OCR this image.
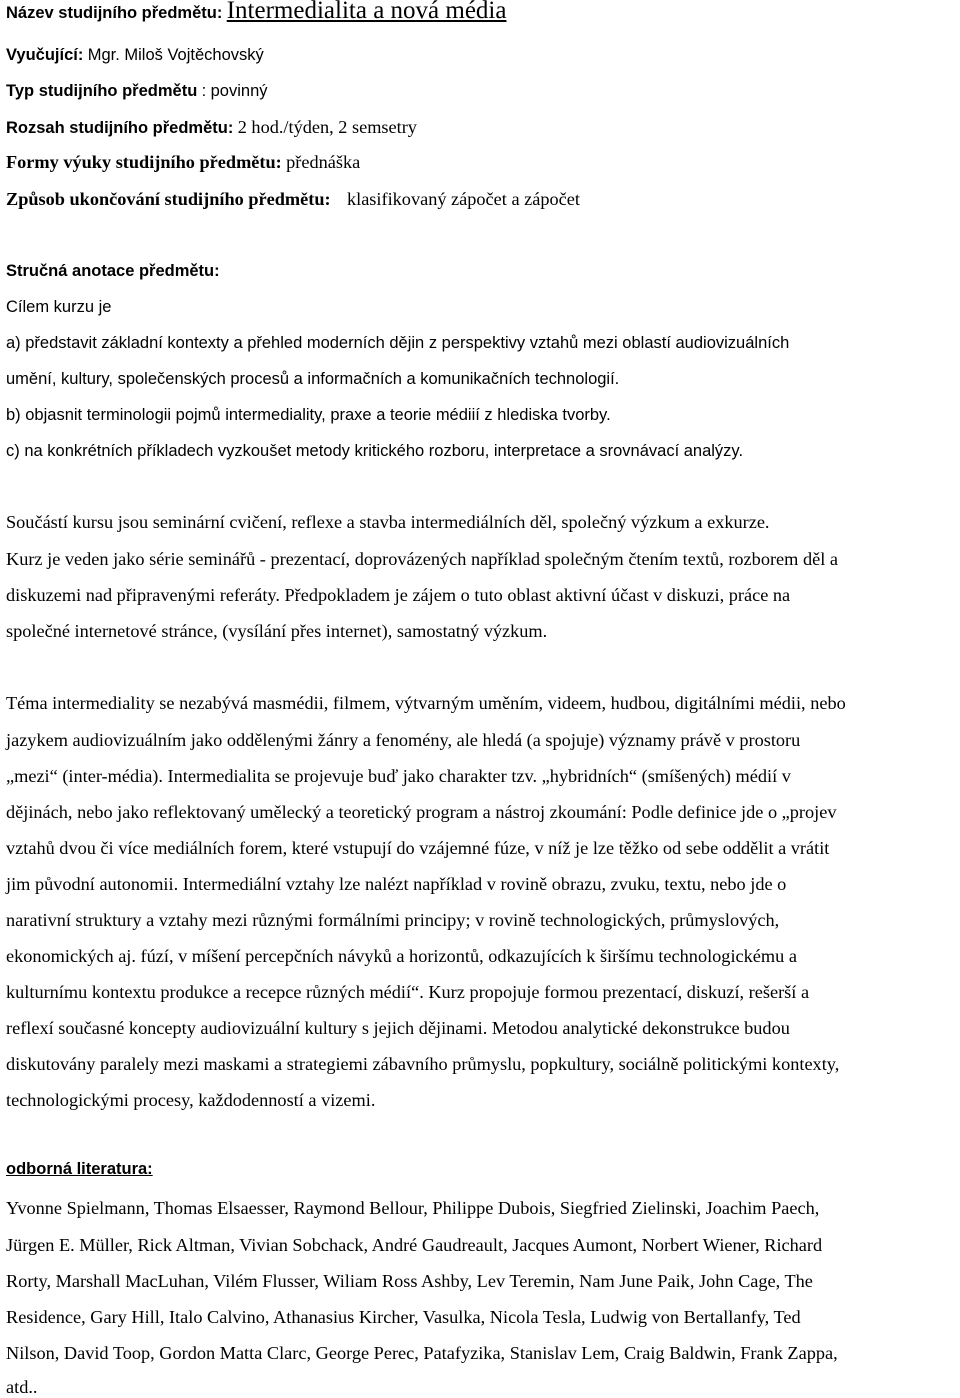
Název studijního předmětu: Intermedialita a nová média
Vyučující: Mgr. Miloš Vojtěchovský
Typ studijního předmětu : povinný
Rozsah studijního předmětu: 2 hod./týden, 2 semsetry
Formy výuky studijního předmětu: přednáška
Způsob ukončování studijního předmětu: klasifikovaný zápočet a zápočet
Stručná anotace předmětu:
Cílem kurzu je
a) představit základní kontexty a přehled moderních dějin z perspektivy vztahů mezi oblastí audiovizuálních
umění, kultury, společenských procesů a informačních a komunikačních technologií.
b) objasnit terminologii pojmů intermediality, praxe a teorie médiií z hlediska tvorby.
c) na konkrétních příkladech vyzkoušet metody kritického rozboru, interpretace a srovnávací analýzy.
Součástí kursu jsou seminární cvičení, reflexe a stavba intermediálních děl, společný výzkum a exkurze.
Kurz je veden jako série seminářů - prezentací, doprovázených například společným čtením textů, rozborem děl a
diskuzemi nad připravenými referáty. Předpokladem je zájem o tuto oblast aktivní účast v diskuzi, práce na
společné internetové stránce, (vysílání přes internet), samostatný výzkum.
Téma intermediality se nezabývá masmédii, filmem, výtvarným uměním, videem, hudbou, digitálními médii, nebo
jazykem audiovizuálním jako oddělenými žánry a fenomény, ale hledá (a spojuje) významy právě v prostoru
„mezi“ (inter-média). Intermedialita se projevuje buď jako charakter tzv. „hybridních“ (smíšených) médií v
dějinách, nebo jako reflektovaný umělecký a teoretický program a nástroj zkoumání: Podle definice jde o „projev
vztahů dvou či více mediálních forem, které vstupují do vzájemné fúze, v níž je lze těžko od sebe oddělit a vrátit
jim původní autonomii. Intermediální vztahy lze nalézt například v rovině obrazu, zvuku, textu, nebo jde o
narativní struktury a vztahy mezi různými formálními principy; v rovině technologických, průmyslových,
ekonomických aj. fúzí, v míšení percepčních návyků a horizontů, odkazujících k širšímu technologickému a
kulturnímu kontextu produkce a recepce různých médií“. Kurz propojuje formou prezentací, diskuzí, rešerší a
reflexí současné koncepty audiovizuální kultury s jejich dějinami. Metodou analytické dekonstrukce budou
diskutovány paralely mezi maskami a strategiemi zábavního průmyslu, popkultury, sociálně politickými kontexty,
technologickými procesy, každodenností a vizemi.
odborná literatura:
Yvonne Spielmann, Thomas Elsaesser, Raymond Bellour, Philippe Dubois, Siegfried Zielinski, Joachim Paech,
Jürgen E. Müller, Rick Altman, Vivian Sobchack, André Gaudreault, Jacques Aumont, Norbert Wiener, Richard
Rorty, Marshall MacLuhan, Vilém Flusser, Wiliam Ross Ashby, Lev Teremin, Nam June Paik, John Cage, The
Residence, Gary Hill, Italo Calvino, Athanasius Kircher, Vasulka, Nicola Tesla, Ludwig von Bertallanfy, Ted
Nilson, David Toop, Gordon Matta Clarc, George Perec, Patafyzika, Stanislav Lem, Craig Baldwin, Frank Zappa,
atd..
